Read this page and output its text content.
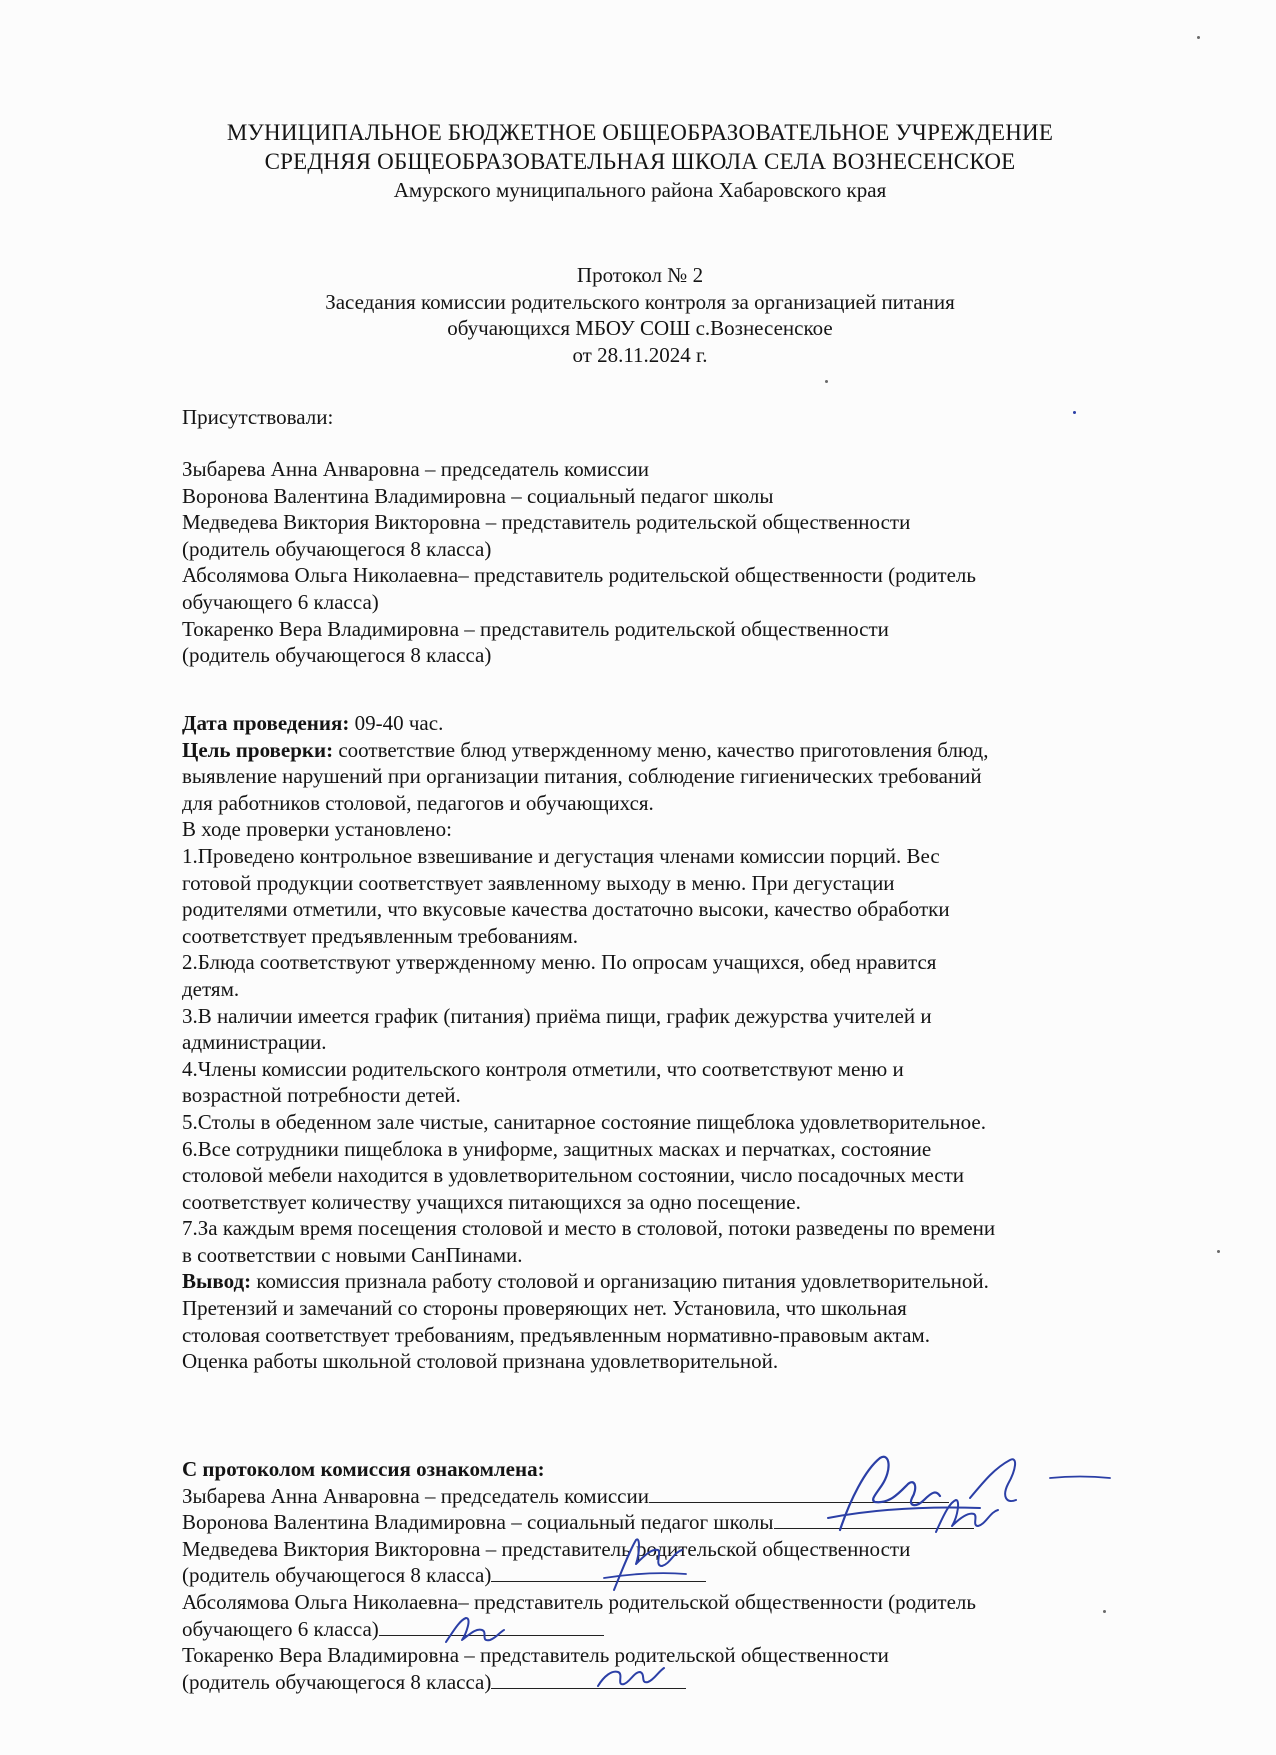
МУНИЦИПАЛЬНОЕ БЮДЖЕТНОЕ ОБЩЕОБРАЗОВАТЕЛЬНОЕ УЧРЕЖДЕНИЕ
СРЕДНЯЯ ОБЩЕОБРАЗОВАТЕЛЬНАЯ ШКОЛА СЕЛА ВОЗНЕСЕНСКОЕ
Амурского муниципального района Хабаровского края
Протокол № 2
Заседания комиссии родительского контроля за организацией питания
обучающихся МБОУ СОШ с.Вознесенское
от 28.11.2024 г.
Присутствовали:
Зыбарева Анна Анваровна – председатель комиссии
Воронова Валентина Владимировна – социальный педагог школы
Медведева Виктория Викторовна – представитель родительской общественности
(родитель обучающегося 8 класса)
Абсолямова Ольга Николаевна– представитель родительской общественности (родитель
обучающего 6 класса)
Токаренко Вера Владимировна – представитель родительской общественности
(родитель обучающегося 8 класса)
Дата проведения: 09-40 час.
Цель проверки: соответствие блюд утвержденному меню, качество приготовления блюд,
выявление нарушений при организации питания, соблюдение гигиенических требований
для работников столовой, педагогов и обучающихся.
В ходе проверки установлено:
1.Проведено контрольное взвешивание и дегустация членами комиссии порций. Вес
готовой продукции соответствует заявленному выходу в меню. При дегустации
родителями отметили, что вкусовые качества достаточно высоки, качество обработки
соответствует предъявленным требованиям.
2.Блюда соответствуют утвержденному меню. По опросам учащихся, обед нравится
детям.
3.В наличии имеется график (питания) приёма пищи, график дежурства учителей и
администрации.
4.Члены комиссии родительского контроля отметили, что соответствуют меню и
возрастной потребности детей.
5.Столы в обеденном зале чистые, санитарное состояние пищеблока удовлетворительное.
6.Все сотрудники пищеблока в униформе, защитных масках и перчатках, состояние
столовой мебели находится в удовлетворительном состоянии, число посадочных мести
соответствует количеству учащихся питающихся за одно посещение.
7.За каждым время посещения столовой и место в столовой, потоки разведены по времени
в соответствии с новыми СанПинами.
Вывод: комиссия признала работу столовой и организацию питания удовлетворительной.
Претензий и замечаний со стороны проверяющих нет. Установила, что школьная
столовая соответствует требованиям, предъявленным нормативно-правовым актам.
Оценка работы школьной столовой признана удовлетворительной.
С протоколом комиссия ознакомлена:
Зыбарева Анна Анваровна – председатель комиссии
Воронова Валентина Владимировна – социальный педагог школы
Медведева Виктория Викторовна – представитель родительской общественности
(родитель обучающегося 8 класса)
Абсолямова Ольга Николаевна– представитель родительской общественности (родитель
обучающего 6 класса)
Токаренко Вера Владимировна – представитель родительской общественности
(родитель обучающегося 8 класса)
